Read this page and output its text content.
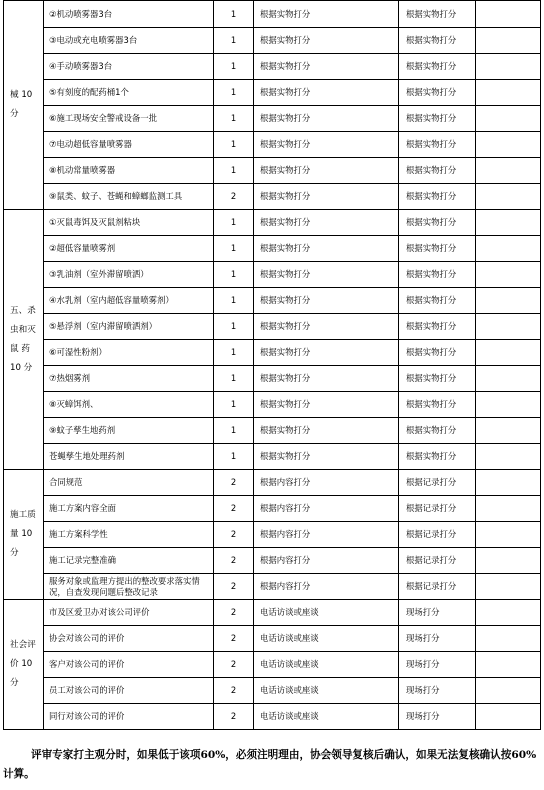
械 10
分	②机动喷雾器3台	1	根据实物打分	根据实物打分	
	③电动或充电喷雾器3台	1	根据实物打分	根据实物打分	
	④手动喷雾器3台	1	根据实物打分	根据实物打分	
	⑤有刻度的配药桶1个	1	根据实物打分	根据实物打分	
	⑥施工现场安全警戒设备一批	1	根据实物打分	根据实物打分	
	⑦电动超低容量喷雾器	1	根据实物打分	根据实物打分	
	⑧机动常量喷雾器	1	根据实物打分	根据实物打分	
	⑨鼠类、蚊子、苍蝇和蟑螂监测工具	2	根据实物打分	根据实物打分	

五、杀
虫和灭
鼠 药
10 分	①灭鼠毒饵及灭鼠剂粘块	1	根据实物打分	根据实物打分	
	②超低容量喷雾剂	1	根据实物打分	根据实物打分	
	③乳油剂（室外滞留喷洒）	1	根据实物打分	根据实物打分	
	④水乳剂（室内超低容量喷雾剂）	1	根据实物打分	根据实物打分	
	⑤悬浮剂（室内滞留喷洒剂）	1	根据实物打分	根据实物打分	
	⑥可湿性粉剂）	1	根据实物打分	根据实物打分	
	⑦热烟雾剂	1	根据实物打分	根据实物打分	
	⑧灭蟑饵剂、	1	根据实物打分	根据实物打分	
	⑨蚊子孳生地药剂	1	根据实物打分	根据实物打分	
	苍蝇孳生地处理药剂	1	根据实物打分	根据实物打分	

施工质
量 10
分	合同规范	2	根据内容打分	根据记录打分	
	施工方案内容全面	2	根据内容打分	根据记录打分	
	施工方案科学性	2	根据内容打分	根据记录打分	
	施工记录完整准确	2	根据内容打分	根据记录打分	
	服务对象或监理方提出的整改要求落实情况，自查发现问题后整改记录	2	根据内容打分	根据记录打分	

社会评
价 10
分	市及区爱卫办对该公司评价	2	电话访谈或座谈	现场打分	
	协会对该公司的评价	2	电话访谈或座谈	现场打分	
	客户对该公司的评价	2	电话访谈或座谈	现场打分	
	员工对该公司的评价	2	电话访谈或座谈	现场打分	
	同行对该公司的评价	2	电话访谈或座谈	现场打分	
评审专家打主观分时，如果低于该项60%，必须注明理由，协会领导复核后确认，如果无法复核确认按60%计算。
